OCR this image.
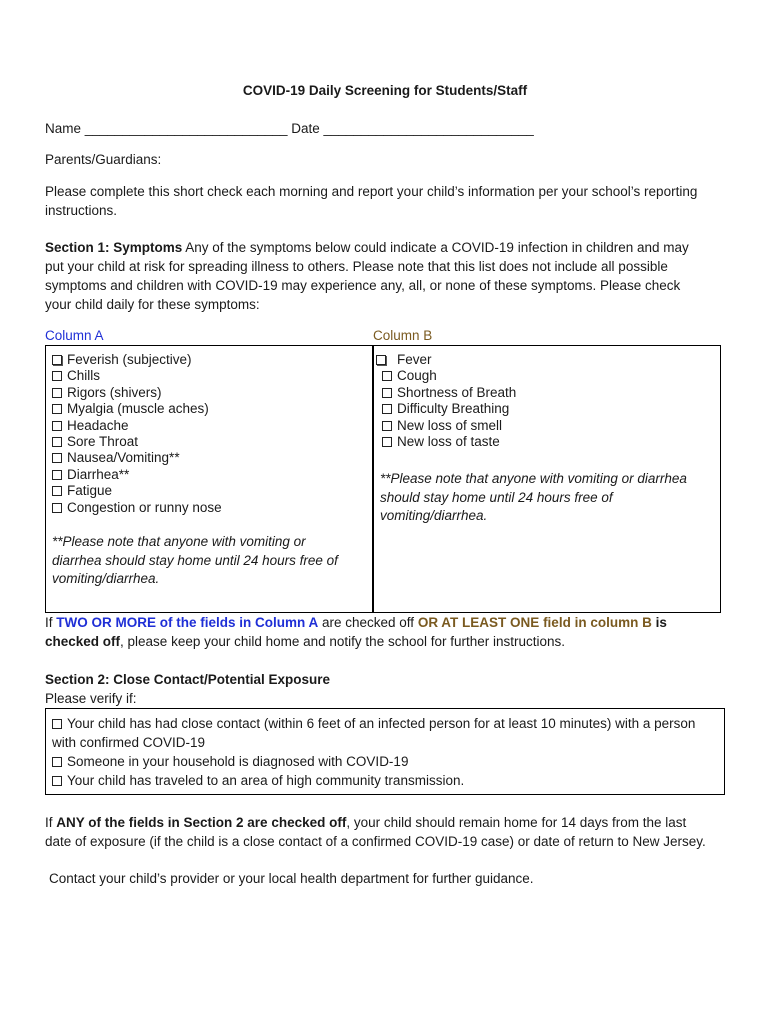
COVID-19 Daily Screening for Students/Staff
Name ___________________________ Date ____________________________
Parents/Guardians:
Please complete this short check each morning and report your child’s information per your school’s reporting
instructions.
Section 1: Symptoms Any of the symptoms below could indicate a COVID-19 infection in children and may
put your child at risk for spreading illness to others. Please note that this list does not include all possible
symptoms and children with COVID-19 may experience any, all, or none of these symptoms. Please check
your child daily for these symptoms:
Column A	Column B
Feverish (subjective)
Chills
Rigors (shivers)
Myalgia (muscle aches)
Headache
Sore Throat
Nausea/Vomiting**
Diarrhea**
Fatigue
Congestion or runny nose
**Please note that anyone with vomiting or
diarrhea should stay home until 24 hours free of
vomiting/diarrhea.
Fever
Cough
Shortness of Breath
Difficulty Breathing
New loss of smell
New loss of taste
**Please note that anyone with vomiting or diarrhea
should stay home until 24 hours free of
vomiting/diarrhea.
If TWO OR MORE of the fields in Column A are checked off OR AT LEAST ONE field in column B is
checked off, please keep your child home and notify the school for further instructions.
Section 2: Close Contact/Potential Exposure
Please verify if:
Your child has had close contact (within 6 feet of an infected person for at least 10 minutes) with a person
with confirmed COVID-19
Someone in your household is diagnosed with COVID-19
Your child has traveled to an area of high community transmission.
If ANY of the fields in Section 2 are checked off, your child should remain home for 14 days from the last
date of exposure (if the child is a close contact of a confirmed COVID-19 case) or date of return to New Jersey.
Contact your child’s provider or your local health department for further guidance.
